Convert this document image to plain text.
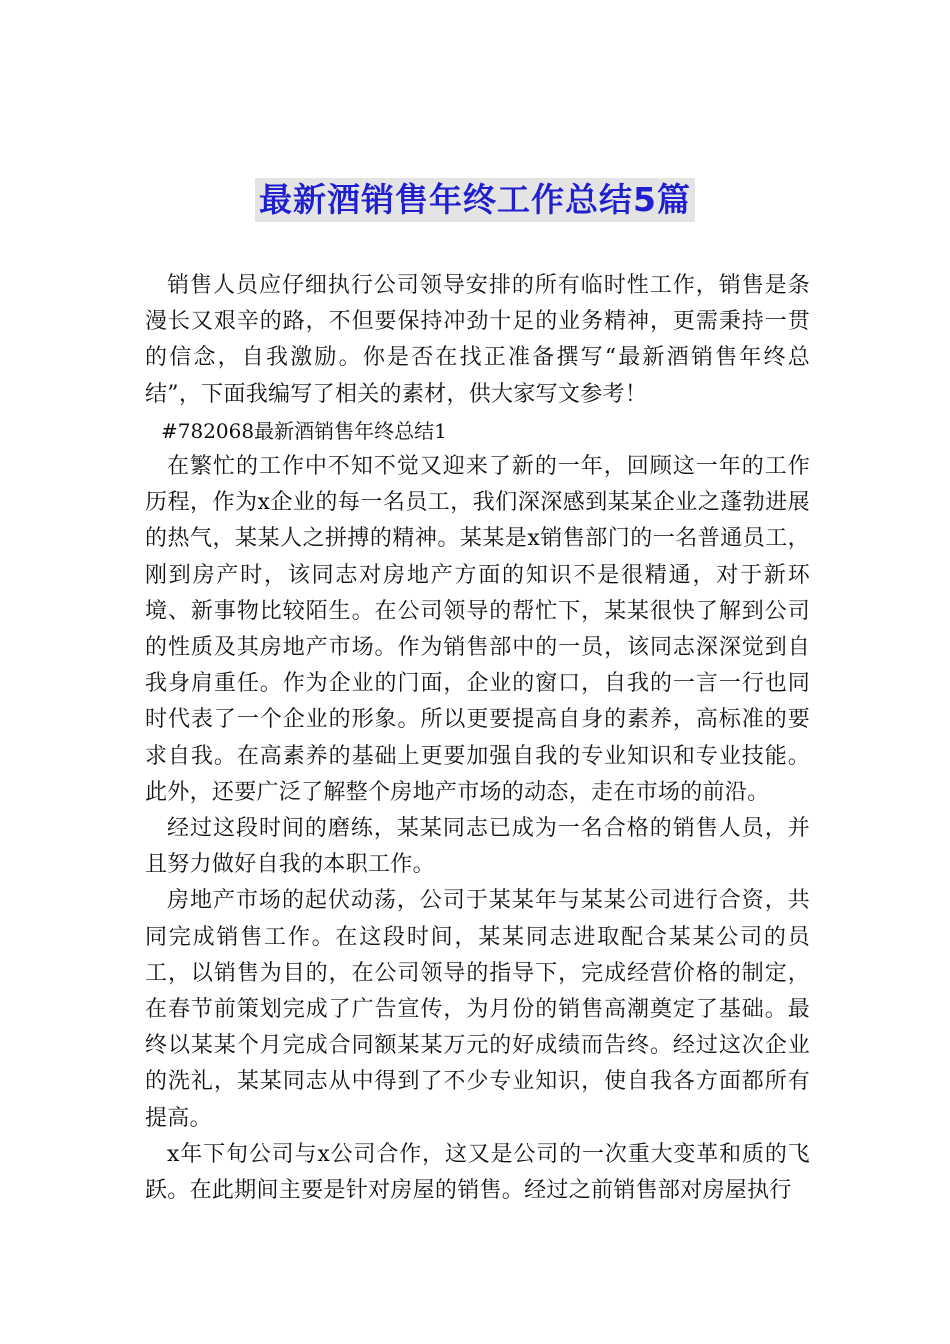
最新酒销售年终工作总结5篇

销售人员应仔细执行公司领导安排的所有临时性工作，销售是条漫长又艰辛的路，不但要保持冲劲十足的业务精神，更需秉持一贯的信念，自我激励。你是否在找正准备撰写“最新酒销售年终总结”，下面我编写了相关的素材，供大家写文参考！

#782068最新酒销售年终总结1

在繁忙的工作中不知不觉又迎来了新的一年，回顾这一年的工作历程，作为x企业的每一名员工，我们深深感到某某企业之蓬勃进展的热气，某某人之拼搏的精神。某某是x销售部门的一名普通员工，刚到房产时，该同志对房地产方面的知识不是很精通，对于新环境、新事物比较陌生。在公司领导的帮忙下，某某很快了解到公司的性质及其房地产市场。作为销售部中的一员，该同志深深觉到自我身肩重任。作为企业的门面，企业的窗口，自我的一言一行也同时代表了一个企业的形象。所以更要提高自身的素养，高标准的要求自我。在高素养的基础上更要加强自我的专业知识和专业技能。此外，还要广泛了解整个房地产市场的动态，走在市场的前沿。

经过这段时间的磨练，某某同志已成为一名合格的销售人员，并且努力做好自我的本职工作。

房地产市场的起伏动荡，公司于某某年与某某公司进行合资，共同完成销售工作。在这段时间，某某同志进取配合某某公司的员工，以销售为目的，在公司领导的指导下，完成经营价格的制定，在春节前策划完成了广告宣传，为月份的销售高潮奠定了基础。最终以某某个月完成合同额某某万元的好成绩而告终。经过这次企业的洗礼，某某同志从中得到了不少专业知识，使自我各方面都所有提高。

x年下旬公司与x公司合作，这又是公司的一次重大变革和质的飞跃。在此期间主要是针对房屋的销售。经过之前销售部对房屋执行
